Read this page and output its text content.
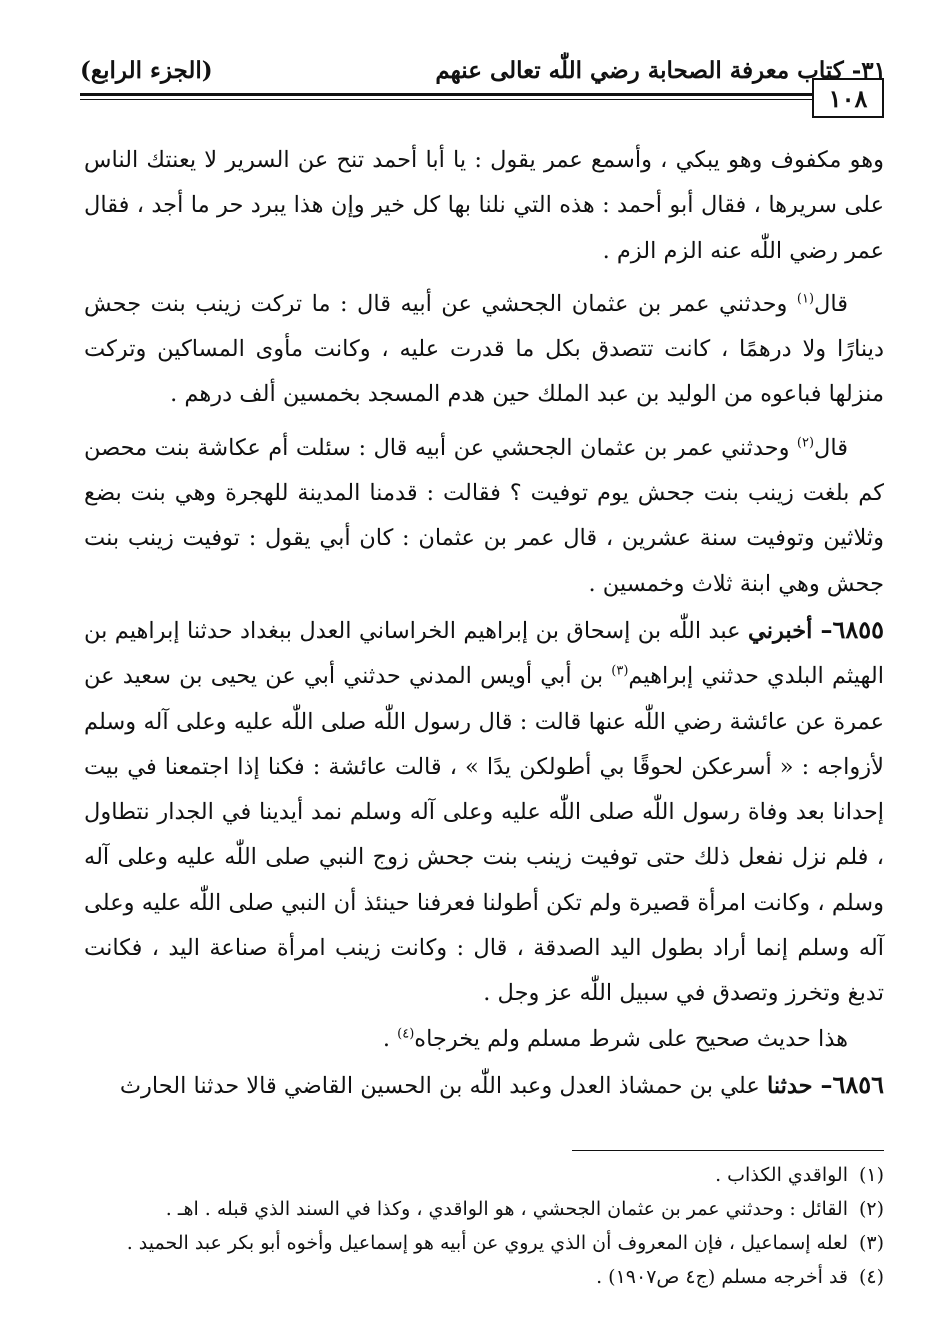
٣١- كتاب معرفة الصحابة رضي اللّٰه تعالى عنهم
(الجزء الرابع)
١٠٨

وهو مكفوف وهو يبكي ، وأسمع عمر يقول : يا أبا أحمد تنح عن السرير لا يعنتك الناس على سريرها ، فقال أبو أحمد : هذه التي نلنا بها كل خير وإن هذا يبرد حر ما أجد ، فقال عمر رضي اللّٰه عنه الزم الزم .

قال$^{(١)}$ وحدثني عمر بن عثمان الجحشي عن أبيه قال : ما تركت زينب بنت جحش دينارًا ولا درهمًا ، كانت تتصدق بكل ما قدرت عليه ، وكانت مأوى المساكين وتركت منزلها فباعوه من الوليد بن عبد الملك حين هدم المسجد بخمسين ألف درهم .

قال$^{(٢)}$ وحدثني عمر بن عثمان الجحشي عن أبيه قال : سئلت أم عكاشة بنت محصن كم بلغت زينب بنت جحش يوم توفيت ؟ فقالت : قدمنا المدينة للهجرة وهي بنت بضع وثلاثين وتوفيت سنة عشرين ، قال عمر بن عثمان : كان أبي يقول : توفيت زينب بنت جحش وهي ابنة ثلاث وخمسين .

٦٨٥٥– أخبرني عبد اللّٰه بن إسحاق بن إبراهيم الخراساني العدل ببغداد حدثنا إبراهيم بن الهيثم البلدي حدثني إبراهيم$^{(٣)}$ بن أبي أويس المدني حدثني أبي عن يحيى بن سعيد عن عمرة عن عائشة رضي اللّٰه عنها قالت : قال رسول اللّٰه صلى اللّٰه عليه وعلى آله وسلم لأزواجه : « أسرعكن لحوقًا بي أطولكن يدًا » ، قالت عائشة : فكنا إذا اجتمعنا في بيت إحدانا بعد وفاة رسول اللّٰه صلى اللّٰه عليه وعلى آله وسلم نمد أيدينا في الجدار نتطاول ، فلم نزل نفعل ذلك حتى توفيت زينب بنت جحش زوج النبي صلى اللّٰه عليه وعلى آله وسلم ، وكانت امرأة قصيرة ولم تكن أطولنا فعرفنا حينئذ أن النبي صلى اللّٰه عليه وعلى آله وسلم إنما أراد بطول اليد الصدقة ، قال : وكانت زينب امرأة صناعة اليد ، فكانت تدبغ وتخرز وتصدق في سبيل اللّٰه عز وجل .

هذا حديث صحيح على شرط مسلم ولم يخرجاه$^{(٤)}$ .

٦٨٥٦– حدثنا علي بن حمشاذ العدل وعبد اللّٰه بن الحسين القاضي قالا حدثنا الحارث

(١)
الواقدي الكذاب .
(٢)
القائل : وحدثني عمر بن عثمان الجحشي ، هو الواقدي ، وكذا في السند الذي قبله . اهـ .
(٣)
لعله إسماعيل ، فإن المعروف أن الذي يروي عن أبيه هو إسماعيل وأخوه أبو بكر عبد الحميد .
(٤)
قد أخرجه مسلم (ج٤ ص١٩٠٧) .
